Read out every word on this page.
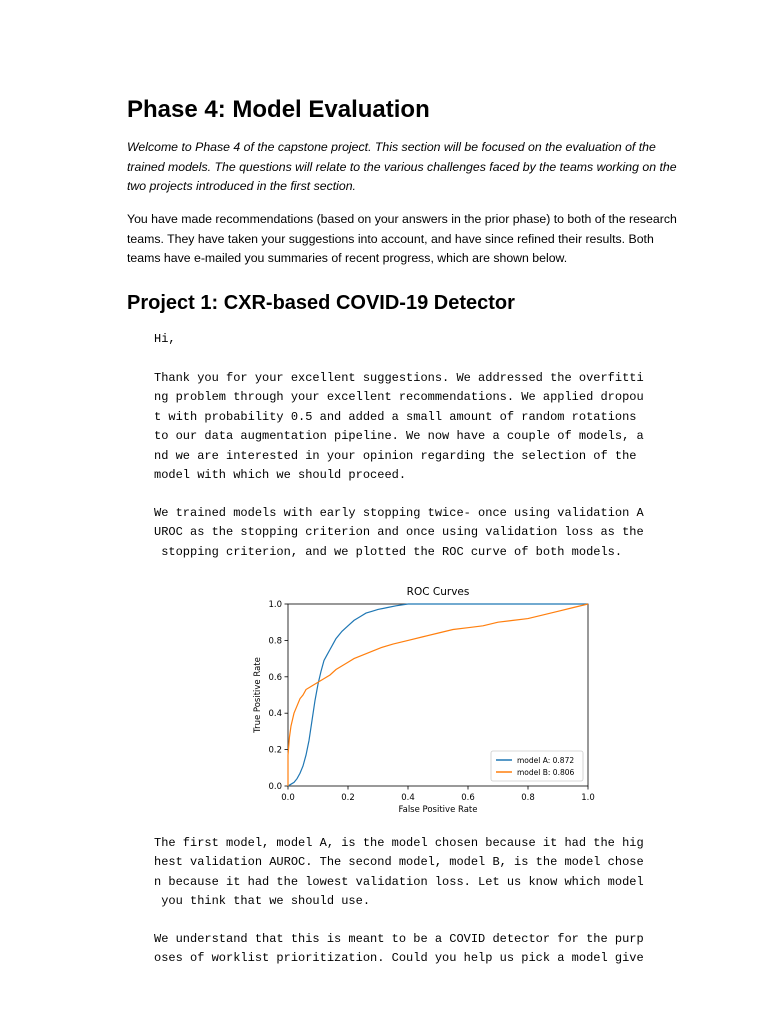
Phase 4: Model Evaluation

Welcome to Phase 4 of the capstone project. This section will be focused on the evaluation of the
trained models. The questions will relate to the various challenges faced by the teams working on the
two projects introduced in the first section.

You have made recommendations (based on your answers in the prior phase) to both of the research
teams. They have taken your suggestions into account, and have since refined their results. Both
teams have e-mailed you summaries of recent progress, which are shown below.

Project 1: CXR-based COVID-19 Detector

Hi,

Thank you for your excellent suggestions. We addressed the overfitti
ng problem through your excellent recommendations. We applied dropou
t with probability 0.5 and added a small amount of random rotations
to our data augmentation pipeline. We now have a couple of models, a
nd we are interested in your opinion regarding the selection of the
model with which we should proceed.

We trained models with early stopping twice- once using validation A
UROC as the stopping criterion and once using validation loss as the
stopping criterion, and we plotted the ROC curve of both models.

ROC Curves
0.0	0.2	0.4	0.6	0.8	1.0
0.0
0.2
0.4
0.6
0.8
1.0
False Positive Rate
True Positive Rate
model A: 0.872
model B: 0.806

The first model, model A, is the model chosen because it had the hig
hest validation AUROC. The second model, model B, is the model chose
n because it had the lowest validation loss. Let us know which model
you think that we should use.

We understand that this is meant to be a COVID detector for the purp
oses of worklist prioritization. Could you help us pick a model give
